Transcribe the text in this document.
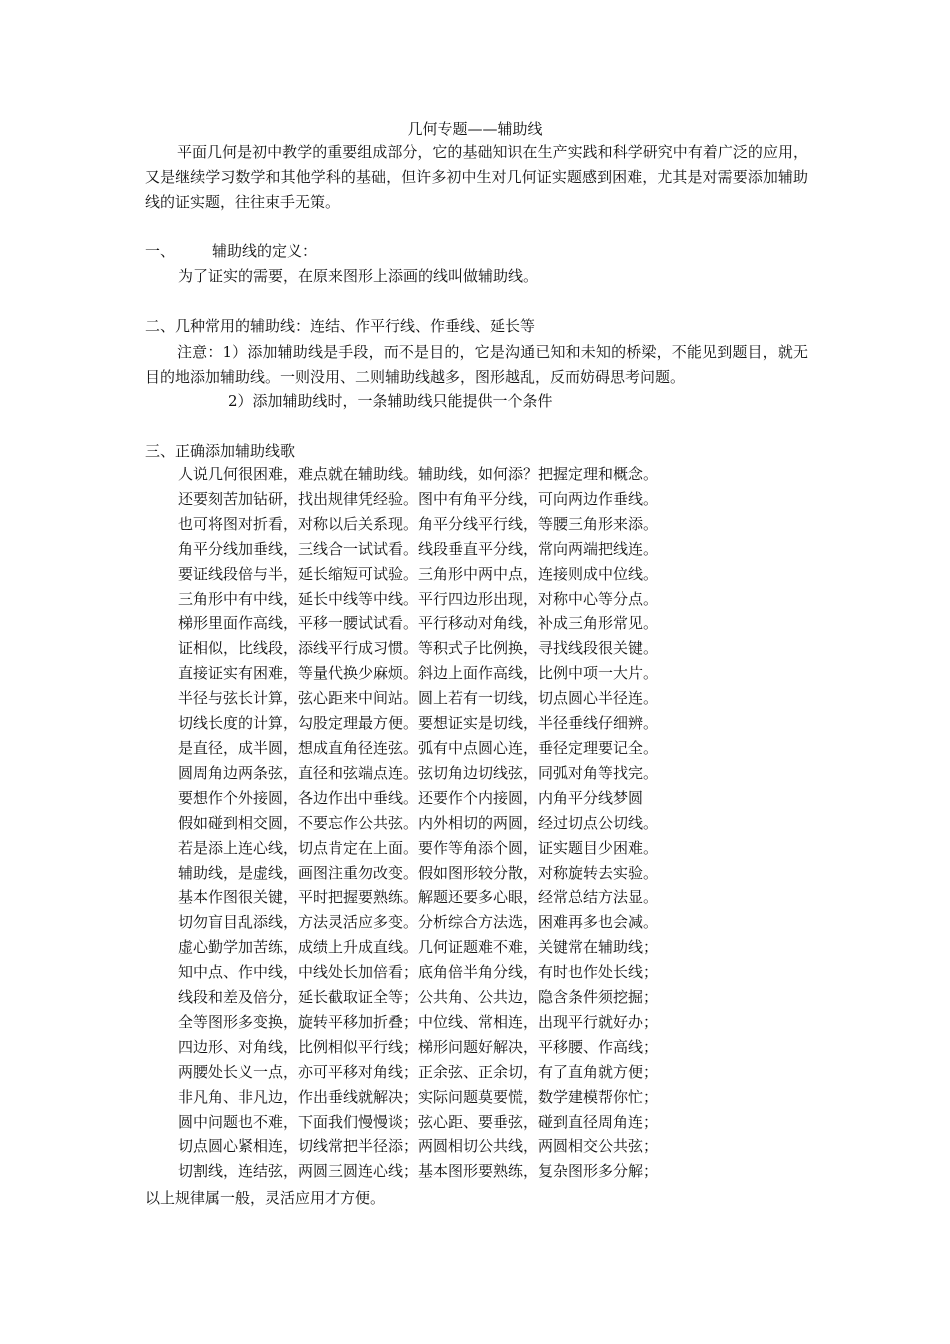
几何专题——辅助线

平面几何是初中教学的重要组成部分，它的基础知识在生产实践和科学研究中有着广泛的应用，又是继续学习数学和其他学科的基础，但许多初中生对几何证实题感到困难，尤其是对需要添加辅助线的证实题，往往束手无策。

一、 辅助线的定义：
为了证实的需要，在原来图形上添画的线叫做辅助线。
二、几种常用的辅助线：连结、作平行线、作垂线、延长等

注意：1）添加辅助线是手段，而不是目的，它是沟通已知和未知的桥梁，不能见到题目，就无目的地添加辅助线。一则没用、二则辅助线越多，图形越乱，反而妨碍思考问题。

2）添加辅助线时，一条辅助线只能提供一个条件
三、正确添加辅助线歌
人说几何很困难，难点就在辅助线。辅助线，如何添？把握定理和概念。
还要刻苦加钻研，找出规律凭经验。图中有角平分线，可向两边作垂线。
也可将图对折看，对称以后关系现。角平分线平行线，等腰三角形来添。
角平分线加垂线，三线合一试试看。线段垂直平分线，常向两端把线连。
要证线段倍与半，延长缩短可试验。三角形中两中点，连接则成中位线。
三角形中有中线，延长中线等中线。平行四边形出现，对称中心等分点。
梯形里面作高线，平移一腰试试看。平行移动对角线，补成三角形常见。
证相似，比线段，添线平行成习惯。等积式子比例换，寻找线段很关键。
直接证实有困难，等量代换少麻烦。斜边上面作高线，比例中项一大片。
半径与弦长计算，弦心距来中间站。圆上若有一切线，切点圆心半径连。
切线长度的计算，勾股定理最方便。要想证实是切线，半径垂线仔细辨。
是直径，成半圆，想成直角径连弦。弧有中点圆心连，垂径定理要记全。
圆周角边两条弦，直径和弦端点连。弦切角边切线弦，同弧对角等找完。
要想作个外接圆，各边作出中垂线。还要作个内接圆，内角平分线梦圆
假如碰到相交圆，不要忘作公共弦。内外相切的两圆，经过切点公切线。
若是添上连心线，切点肯定在上面。要作等角添个圆，证实题目少困难。
辅助线，是虚线，画图注重勿改变。假如图形较分散，对称旋转去实验。
基本作图很关键，平时把握要熟练。解题还要多心眼，经常总结方法显。
切勿盲目乱添线，方法灵活应多变。分析综合方法选，困难再多也会减。
虚心勤学加苦练，成绩上升成直线。几何证题难不难，关键常在辅助线；
知中点、作中线，中线处长加倍看；底角倍半角分线，有时也作处长线；
线段和差及倍分，延长截取证全等；公共角、公共边，隐含条件须挖掘；
全等图形多变换，旋转平移加折叠；中位线、常相连，出现平行就好办；
四边形、对角线，比例相似平行线；梯形问题好解决，平移腰、作高线；
两腰处长义一点，亦可平移对角线；正余弦、正余切，有了直角就方便；
非凡角、非凡边，作出垂线就解决；实际问题莫要慌，数学建模帮你忙；
圆中问题也不难，下面我们慢慢谈；弦心距、要垂弦，碰到直径周角连；
切点圆心紧相连，切线常把半径添；两圆相切公共线，两圆相交公共弦；
切割线，连结弦，两圆三圆连心线；基本图形要熟练，复杂图形多分解；
以上规律属一般，灵活应用才方便。
